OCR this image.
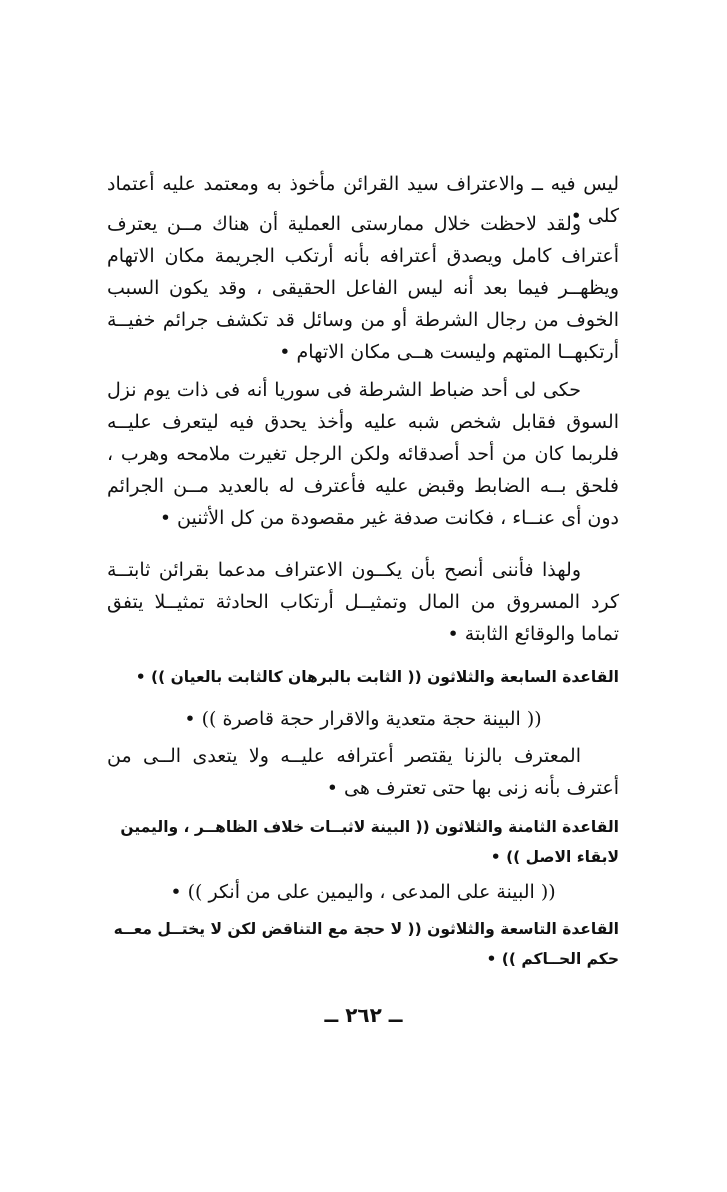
ليس فيه ــ والاعتراف سيد القرائن مأخوذ به ومعتمد عليه أعتماد كلى •

ولقد لاحظت خلال ممارستى العملية أن هناك مــن يعترف أعتراف كامل ويصدق أعترافه بأنه أرتكب الجريمة مكان الاتهام ويظهــر فيما بعد أنه ليس الفاعل الحقيقى ، وقد يكون السبب الخوف من رجال الشرطة أو من وسائل قد تكشف جرائم خفيــة أرتكبهــا المتهم وليست هــى مكان الاتهام •

حكى لى أحد ضباط الشرطة فى سوريا أنه فى ذات يوم نزل السوق فقابل شخص شبه عليه وأخذ يحدق فيه ليتعرف عليــه فلربما كان من أحد أصدقائه ولكن الرجل تغيرت ملامحه وهرب ، فلحق بــه الضابط وقبض عليه فأعترف له بالعديد مــن الجرائم دون أى عنــاء ، فكانت صدفة غير مقصودة من كل الأثنين •

ولهذا فأننى أنصح بأن يكــون الاعتراف مدعما بقرائن ثابتــة كرد المسروق من المال وتمثيــل أرتكاب الحادثة تمثيــلا يتفق تماما والوقائع الثابتة •

القاعدة السابعة والثلاثون (( الثابت بالبرهان كالثابت بالعيان )) •

(( البينة حجة متعدية والاقرار حجة قاصرة )) •

المعترف بالزنا يقتصر أعترافه عليــه ولا يتعدى الــى من أعترف بأنه زنى بها حتى تعترف هى •

القاعدة الثامنة والثلاثون (( البينة لاثبــات خلاف الظاهــر ، واليمين لابقاء الاصل )) •

(( البينة على المدعى ، واليمين على من أنكر )) •

القاعدة التاسعة والثلاثون (( لا حجة مع التناقض لكن لا يختــل معــه حكم الحــاكم )) •

ــ ٢٦٢ ــ
